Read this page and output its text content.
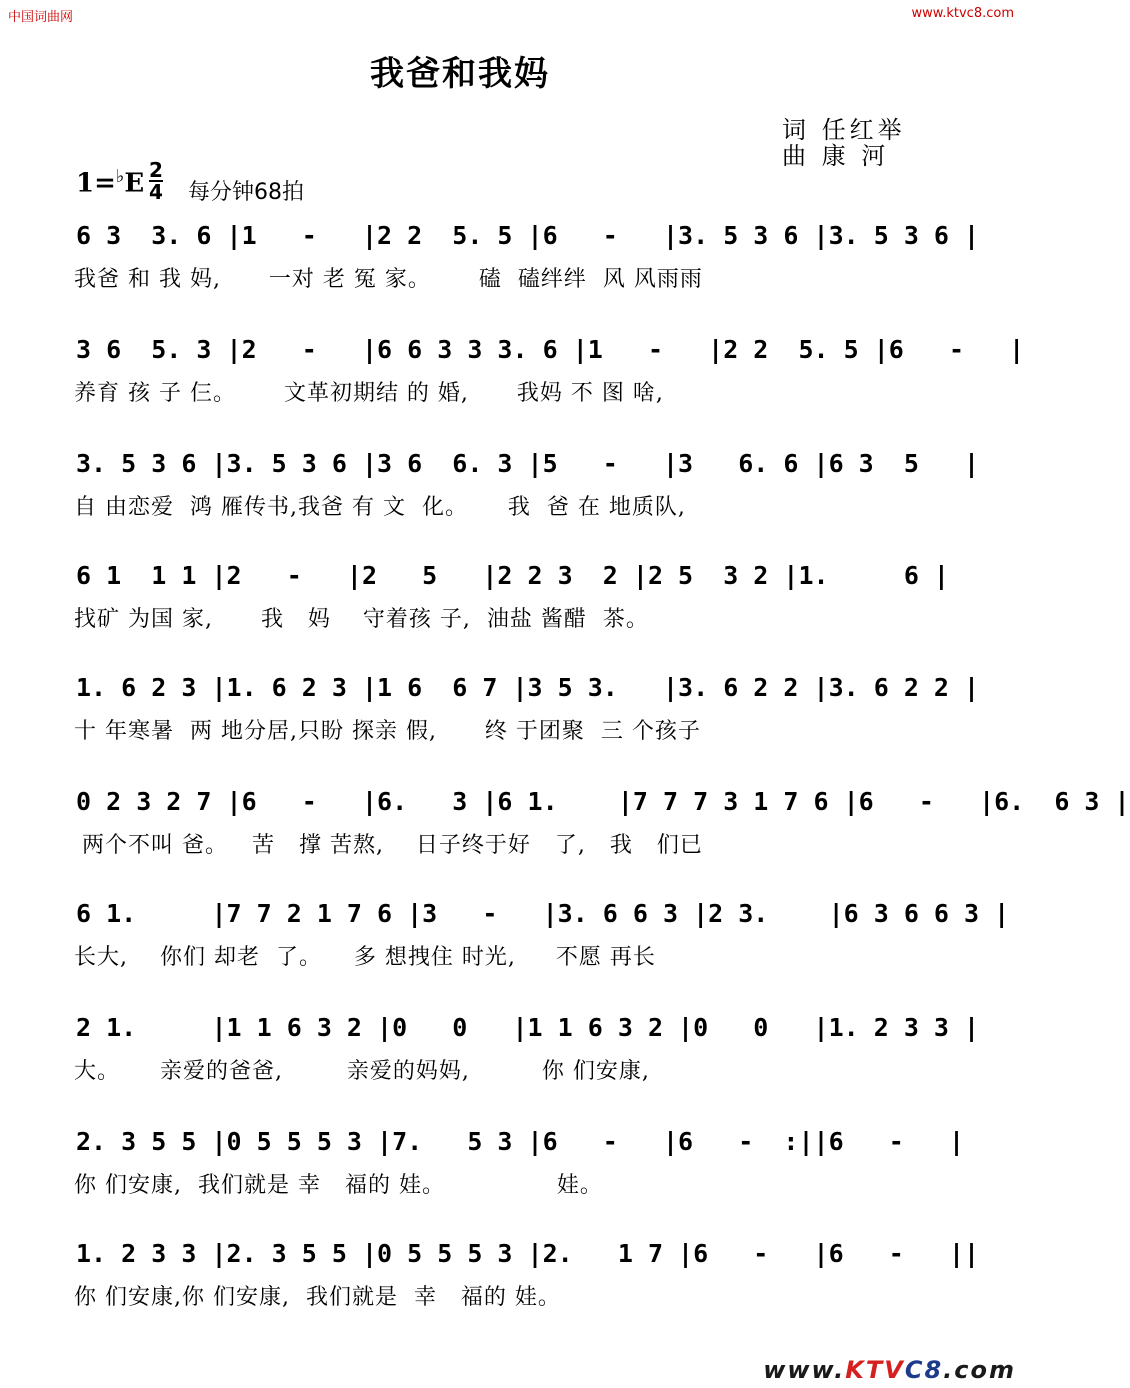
中国词曲网	www.ktvc8.com
我爸和我妈
词 任红举
曲 康 河
1=♭E 2
4 每分钟68拍
6 3  3. 6 |1   -   |2 2  5. 5 |6   -   |3. 5 3 6 |3. 5 3 6 |
我爸 和 我 妈,      一对 老 冤 家。      磕  磕绊绊  风 风雨雨
3 6  5. 3 |2   -   |6 6 3 3 3. 6 |1   -   |2 2  5. 5 |6   -   |
养育 孩 子 仨。      文革初期结 的 婚,      我妈 不 图 啥,
3. 5 3 6 |3. 5 3 6 |3 6  6. 3 |5   -   |3   6. 6 |6 3  5   |
自 由恋爱  鸿 雁传书,我爸 有 文  化。     我  爸 在 地质队,
6 1  1 1 |2   -   |2   5   |2 2 3  2 |2 5  3 2 |1.     6 |
找矿 为国 家,      我   妈    守着孩 子,  油盐 酱醋  茶。
1. 6 2 3 |1. 6 2 3 |1 6  6 7 |3 5 3.   |3. 6 2 2 |3. 6 2 2 |
十 年寒暑  两 地分居,只盼 探亲 假,      终 于团聚  三 个孩子
0 2 3 2 7 |6   -   |6.   3 |6 1.    |7 7 7 3 1 7 6 |6   -   |6.  6 3 |
两个不叫 爸。   苦   撑 苦熬,    日子终于好   了,   我   们已
6 1.     |7 7 2 1 7 6 |3   -   |3. 6 6 3 |2 3.    |6 3 6 6 3 |
长大,    你们 却老  了。    多 想拽住 时光,     不愿 再长
2 1.     |1 1 6 3 2 |0   0   |1 1 6 3 2 |0   0   |1. 2 3 3 |
大。     亲爱的爸爸,        亲爱的妈妈,         你 们安康,
2. 3 5 5 |0 5 5 5 3 |7.   5 3 |6   -   |6   -  :||6   -   |
你 们安康,  我们就是 幸   福的 娃。              娃。
1. 2 3 3 |2. 3 5 5 |0 5 5 5 3 |2.   1 7 |6   -   |6   -   ||
你 们安康,你 们安康,  我们就是  幸   福的 娃。
www.KTVC8.com
